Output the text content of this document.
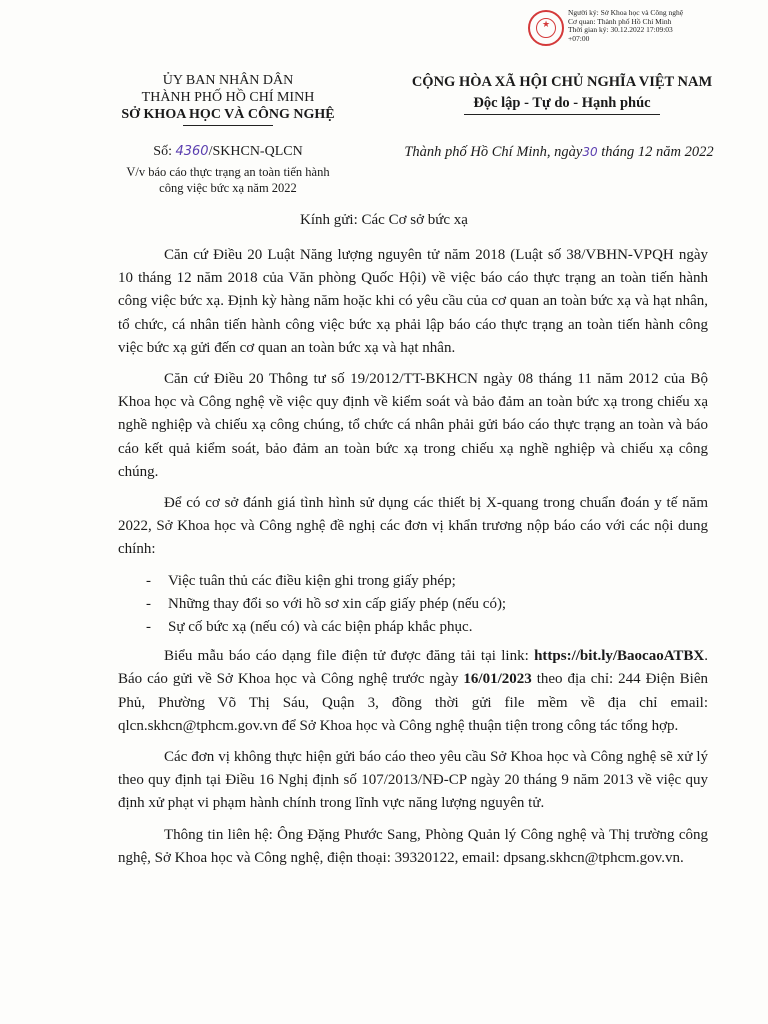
★
Người ký: Sở Khoa học và Công nghệ
Cơ quan: Thành phố Hồ Chí Minh
Thời gian ký: 30.12.2022 17:09:03
+07:00
ỦY BAN NHÂN DÂN
THÀNH PHỐ HỒ CHÍ MINH
SỞ KHOA HỌC VÀ CÔNG NGHỆ
CỘNG HÒA XÃ HỘI CHỦ NGHĨA VIỆT NAM
Độc lập - Tự do - Hạnh phúc
Số: 4360/SKHCN-QLCN
V/v báo cáo thực trạng an toàn tiến hành
công việc bức xạ năm 2022
Thành phố Hồ Chí Minh, ngày30 tháng 12 năm 2022
Kính gửi: Các Cơ sở bức xạ

Căn cứ Điều 20 Luật Năng lượng nguyên tử năm 2018 (Luật số 38/VBHN-VPQH ngày 10 tháng 12 năm 2018 của Văn phòng Quốc Hội) về việc báo cáo thực trạng an toàn tiến hành công việc bức xạ. Định kỳ hàng năm hoặc khi có yêu cầu của cơ quan an toàn bức xạ và hạt nhân, tổ chức, cá nhân tiến hành công việc bức xạ phải lập báo cáo thực trạng an toàn tiến hành công việc bức xạ gửi đến cơ quan an toàn bức xạ và hạt nhân.

Căn cứ Điều 20 Thông tư số 19/2012/TT-BKHCN ngày 08 tháng 11 năm 2012 của Bộ Khoa học và Công nghệ về việc quy định về kiểm soát và bảo đảm an toàn bức xạ trong chiếu xạ nghề nghiệp và chiếu xạ công chúng, tổ chức cá nhân phải gửi báo cáo thực trạng an toàn và báo cáo kết quả kiểm soát, bảo đảm an toàn bức xạ trong chiếu xạ nghề nghiệp và chiếu xạ công chúng.

Để có cơ sở đánh giá tình hình sử dụng các thiết bị X-quang trong chuẩn đoán y tế năm 2022, Sở Khoa học và Công nghệ đề nghị các đơn vị khẩn trương nộp báo cáo với các nội dung chính:

- Việc tuân thủ các điều kiện ghi trong giấy phép;
- Những thay đổi so với hồ sơ xin cấp giấy phép (nếu có);
- Sự cố bức xạ (nếu có) và các biện pháp khắc phục.

Biểu mẫu báo cáo dạng file điện tử được đăng tải tại link: https://bit.ly/BaocaoATBX. Báo cáo gửi về Sở Khoa học và Công nghệ trước ngày 16/01/2023 theo địa chỉ: 244 Điện Biên Phủ, Phường Võ Thị Sáu, Quận 3, đồng thời gửi file mềm về địa chỉ email: qlcn.skhcn@tphcm.gov.vn để Sở Khoa học và Công nghệ thuận tiện trong công tác tổng hợp.

Các đơn vị không thực hiện gửi báo cáo theo yêu cầu Sở Khoa học và Công nghệ sẽ xử lý theo quy định tại Điều 16 Nghị định số 107/2013/NĐ-CP ngày 20 tháng 9 năm 2013 về việc quy định xử phạt vi phạm hành chính trong lĩnh vực năng lượng nguyên tử.

Thông tin liên hệ: Ông Đặng Phước Sang, Phòng Quản lý Công nghệ và Thị trường công nghệ, Sở Khoa học và Công nghệ, điện thoại: 39320122, email: dpsang.skhcn@tphcm.gov.vn.
